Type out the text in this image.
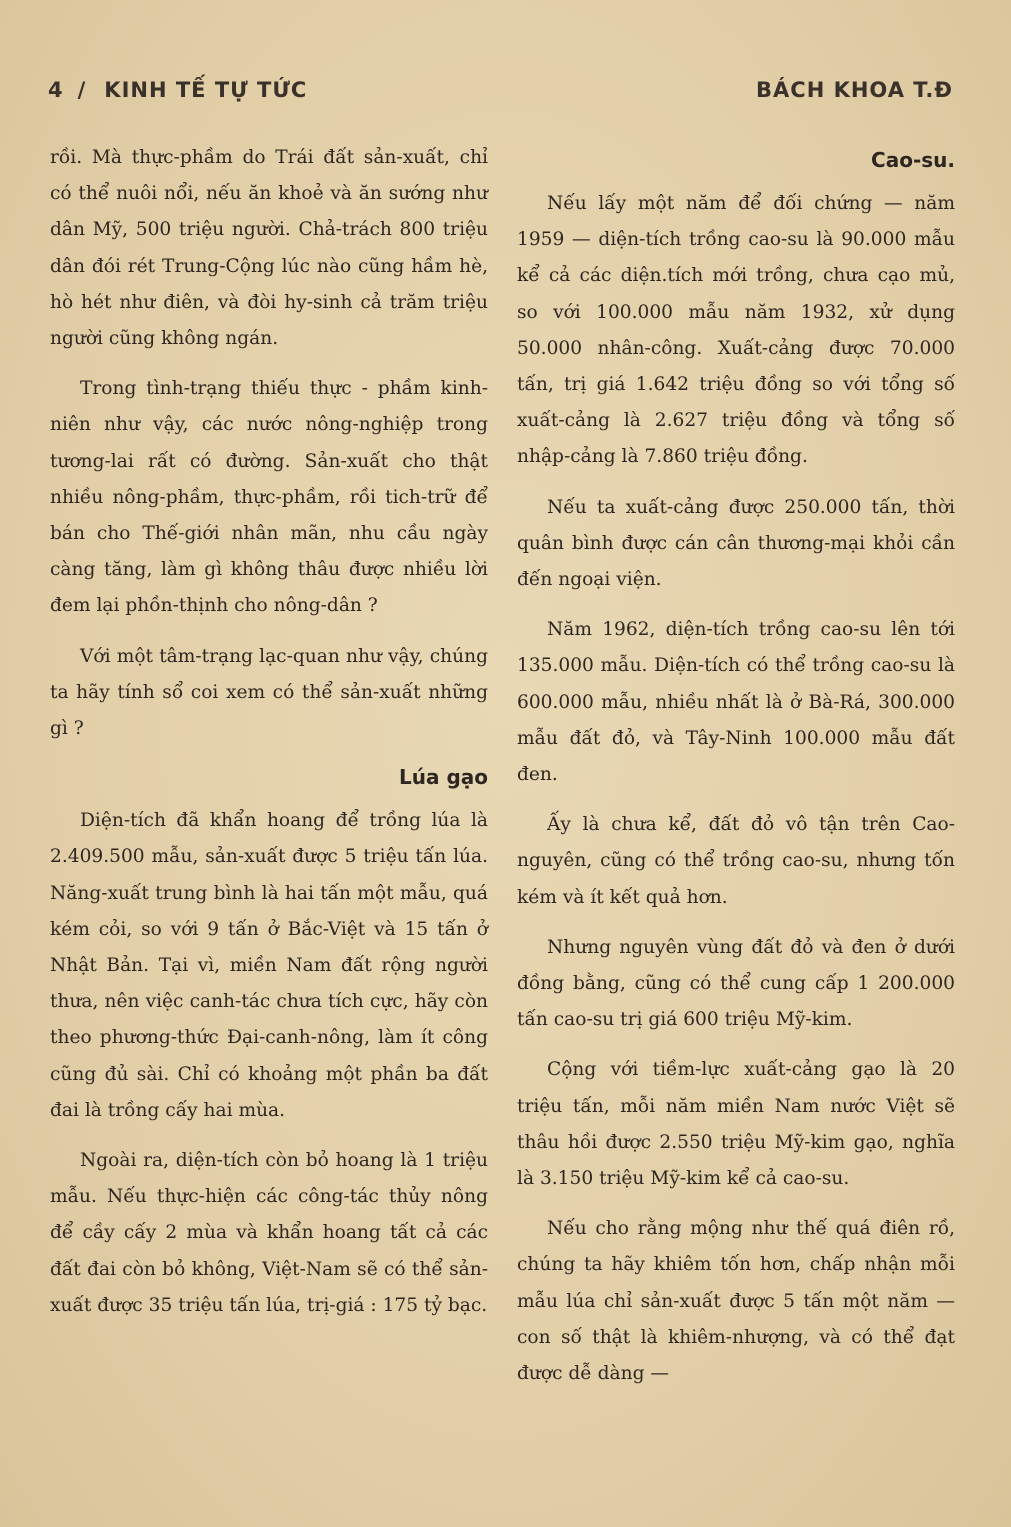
4 / KINH TẾ TỰ TỨC	BÁCH KHOA T.Đ

rồi. Mà thực-phầm do Trái đất sản-xuất, chỉ có thể nuôi nổi, nếu ăn khoẻ và ăn sướng như dân Mỹ, 500 triệu người. Chả-trách 800 triệu dân đói rét Trung-Cộng lúc nào cũng hầm hè, hò hét như điên, và đòi hy-sinh cả trăm triệu người cũng không ngán.

Trong tình-trạng thiếu thực - phầm kinh-niên như vậy, các nước nông-nghiệp trong tương-lai rất có đường. Sản-xuất cho thật nhiều nông-phầm, thực-phầm, rồi tich-trữ để bán cho Thế-giới nhân mãn, nhu cầu ngày càng tăng, làm gì không thâu được nhiều lời đem lại phồn-thịnh cho nông-dân ?

Với một tâm-trạng lạc-quan như vậy, chúng ta hãy tính sổ coi xem có thể sản-xuất những gì ?

Lúa gạo

Diện-tích đã khẩn hoang để trồng lúa là 2.409.500 mẫu, sản-xuất được 5 triệu tấn lúa. Năng-xuất trung bình là hai tấn một mẫu, quá kém cỏi, so với 9 tấn ở Bắc-Việt và 15 tấn ở Nhật Bản. Tại vì, miền Nam đất rộng người thưa, nên việc canh-tác chưa tích cực, hãy còn theo phương-thức Đại-canh-nông, làm ít công cũng đủ sài. Chỉ có khoảng một phần ba đất đai là trồng cấy hai mùa.

Ngoài ra, diện-tích còn bỏ hoang là 1 triệu mẫu. Nếu thực-hiện các công-tác thủy nông để cầy cấy 2 mùa và khẩn hoang tất cả các đất đai còn bỏ không, Việt-Nam sẽ có thể sản-xuất được 35 triệu tấn lúa, trị-giá : 175 tỷ bạc.

Cao-su.

Nếu lấy một năm để đối chứng — năm 1959 — diện-tích trồng cao-su là 90.000 mẫu kể cả các diện.tích mới trồng, chưa cạo mủ, so với 100.000 mẫu năm 1932, xử dụng 50.000 nhân-công. Xuất-cảng được 70.000 tấn, trị giá 1.642 triệu đồng so với tổng số xuất-cảng là 2.627 triệu đồng và tổng số nhập-cảng là 7.860 triệu đồng.

Nếu ta xuất-cảng được 250.000 tấn, thời quân bình được cán cân thương-mại khỏi cần đến ngoại viện.

Năm 1962, diện-tích trồng cao-su lên tới 135.000 mẫu. Diện-tích có thể trồng cao-su là 600.000 mẫu, nhiều nhất là ở Bà-Rá, 300.000 mẫu đất đỏ, và Tây-Ninh 100.000 mẫu đất đen.

Ấy là chưa kể, đất đỏ vô tận trên Cao-nguyên, cũng có thể trồng cao-su, nhưng tốn kém và ít kết quả hơn.

Nhưng nguyên vùng đất đỏ và đen ở dưới đồng bằng, cũng có thể cung cấp 1 200.000 tấn cao-su trị giá 600 triệu Mỹ-kim.

Cộng với tiềm-lực xuất-cảng gạo là 20 triệu tấn, mỗi năm miền Nam nước Việt sẽ thâu hồi được 2.550 triệu Mỹ-kim gạo, nghĩa là 3.150 triệu Mỹ-kim kể cả cao-su.

Nếu cho rằng mộng như thế quá điên rồ, chúng ta hãy khiêm tốn hơn, chấp nhận mỗi mẫu lúa chỉ sản-xuất được 5 tấn một năm — con số thật là khiêm-nhượng, và có thể đạt được dễ dàng —
